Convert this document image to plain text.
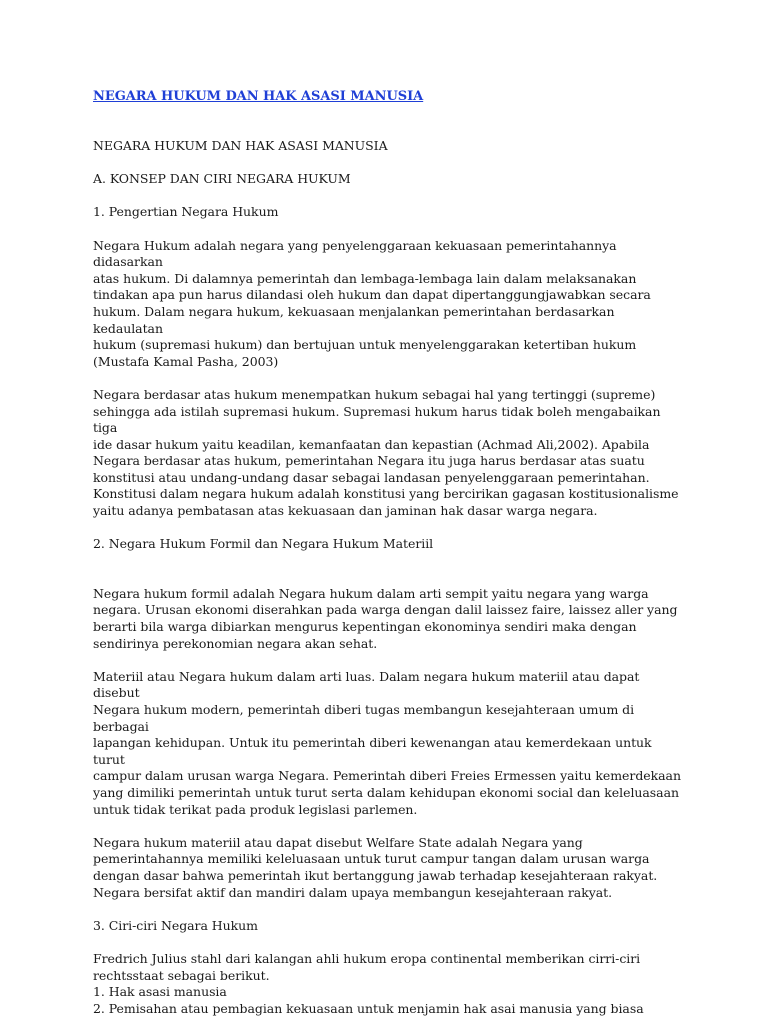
NEGARA HUKUM DAN HAK ASASI MANUSIA
NEGARA HUKUM DAN HAK ASASI MANUSIA
A. KONSEP DAN CIRI NEGARA HUKUM
1. Pengertian Negara Hukum
Negara Hukum adalah negara yang penyelenggaraan kekuasaan pemerintahannya didasarkan
atas hukum. Di dalamnya pemerintah dan lembaga-lembaga lain dalam melaksanakan
tindakan apa pun harus dilandasi oleh hukum dan dapat dipertanggungjawabkan secara
hukum. Dalam negara hukum, kekuasaan menjalankan pemerintahan berdasarkan kedaulatan
hukum (supremasi hukum) dan bertujuan untuk menyelenggarakan ketertiban hukum
(Mustafa Kamal Pasha, 2003)
Negara berdasar atas hukum menempatkan hukum sebagai hal yang tertinggi (supreme)
sehingga ada istilah supremasi hukum. Supremasi hukum harus tidak boleh mengabaikan tiga
ide dasar hukum yaitu keadilan, kemanfaatan dan kepastian (Achmad Ali,2002). Apabila
Negara berdasar atas hukum, pemerintahan Negara itu juga harus berdasar atas suatu
konstitusi atau undang-undang dasar sebagai landasan penyelenggaraan pemerintahan.
Konstitusi dalam negara hukum adalah konstitusi yang bercirikan gagasan kostitusionalisme
yaitu adanya pembatasan atas kekuasaan dan jaminan hak dasar warga negara.
2. Negara Hukum Formil dan Negara Hukum Materiil
Negara hukum formil adalah Negara hukum dalam arti sempit yaitu negara yang warga
negara. Urusan ekonomi diserahkan pada warga dengan dalil laissez faire, laissez aller yang
berarti bila warga dibiarkan mengurus kepentingan ekonominya sendiri maka dengan
sendirinya perekonomian negara akan sehat.
Materiil atau Negara hukum dalam arti luas. Dalam negara hukum materiil atau dapat disebut
Negara hukum modern, pemerintah diberi tugas membangun kesejahteraan umum di berbagai
lapangan kehidupan. Untuk itu pemerintah diberi kewenangan atau kemerdekaan untuk turut
campur dalam urusan warga Negara. Pemerintah diberi Freies Ermessen yaitu kemerdekaan
yang dimiliki pemerintah untuk turut serta dalam kehidupan ekonomi social dan keleluasaan
untuk tidak terikat pada produk legislasi parlemen.
Negara hukum materiil atau dapat disebut Welfare State adalah Negara yang
pemerintahannya memiliki keleluasaan untuk turut campur tangan dalam urusan warga
dengan dasar bahwa pemerintah ikut bertanggung jawab terhadap kesejahteraan rakyat.
Negara bersifat aktif dan mandiri dalam upaya membangun kesejahteraan rakyat.
3. Ciri-ciri Negara Hukum
Fredrich Julius stahl dari kalangan ahli hukum eropa continental memberikan cirri-ciri
rechtsstaat sebagai berikut.
1. Hak asasi manusia
2. Pemisahan atau pembagian kekuasaan untuk menjamin hak asai manusia yang biasa
